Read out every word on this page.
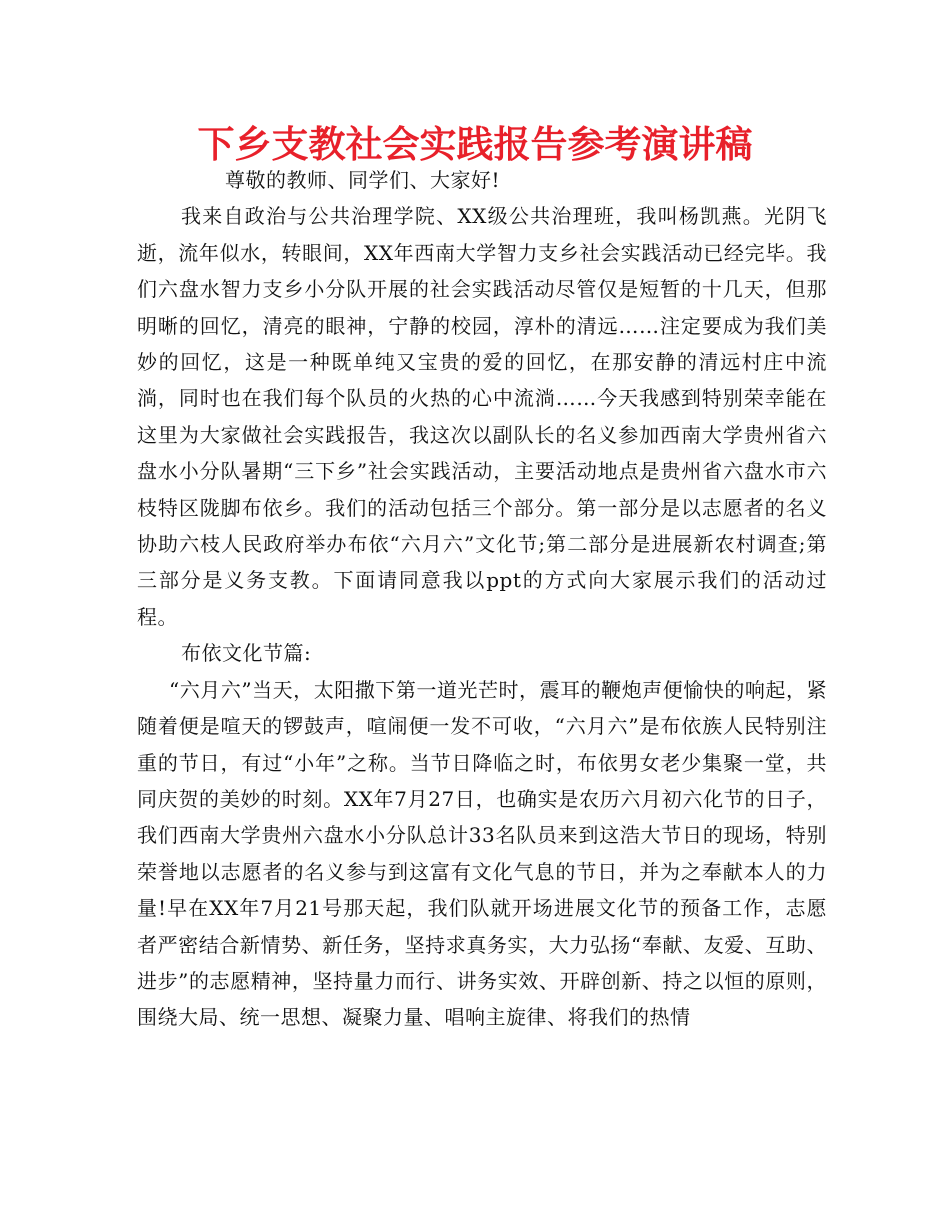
下乡支教社会实践报告参考演讲稿

尊敬的教师、同学们、大家好!

我来自政治与公共治理学院、XX级公共治理班，我叫杨凯燕。光阴飞逝，流年似水，转眼间，XX年西南大学智力支乡社会实践活动已经完毕。我们六盘水智力支乡小分队开展的社会实践活动尽管仅是短暂的十几天，但那明晰的回忆，清亮的眼神，宁静的校园，淳朴的清远……注定要成为我们美妙的回忆，这是一种既单纯又宝贵的爱的回忆，在那安静的清远村庄中流淌，同时也在我们每个队员的火热的心中流淌……今天我感到特别荣幸能在这里为大家做社会实践报告，我这次以副队长的名义参加西南大学贵州省六盘水小分队暑期“三下乡”社会实践活动，主要活动地点是贵州省六盘水市六枝特区陇脚布依乡。我们的活动包括三个部分。第一部分是以志愿者的名义协助六枝人民政府举办布依“六月六”文化节;第二部分是进展新农村调查;第三部分是义务支教。下面请同意我以ppt的方式向大家展示我们的活动过程。

布依文化节篇:

“六月六”当天，太阳撒下第一道光芒时，震耳的鞭炮声便愉快的响起，紧随着便是喧天的锣鼓声，喧闹便一发不可收，“六月六”是布依族人民特别注重的节日，有过“小年”之称。当节日降临之时，布依男女老少集聚一堂，共同庆贺的美妙的时刻。XX年7月27日，也确实是农历六月初六化节的日子，我们西南大学贵州六盘水小分队总计33名队员来到这浩大节日的现场，特别荣誉地以志愿者的名义参与到这富有文化气息的节日，并为之奉献本人的力量!早在XX年7月21号那天起，我们队就开场进展文化节的预备工作，志愿者严密结合新情势、新任务，坚持求真务实，大力弘扬“奉献、友爱、互助、进步”的志愿精神，坚持量力而行、讲务实效、开辟创新、持之以恒的原则，围绕大局、统一思想、凝聚力量、唱响主旋律、将我们的热情
